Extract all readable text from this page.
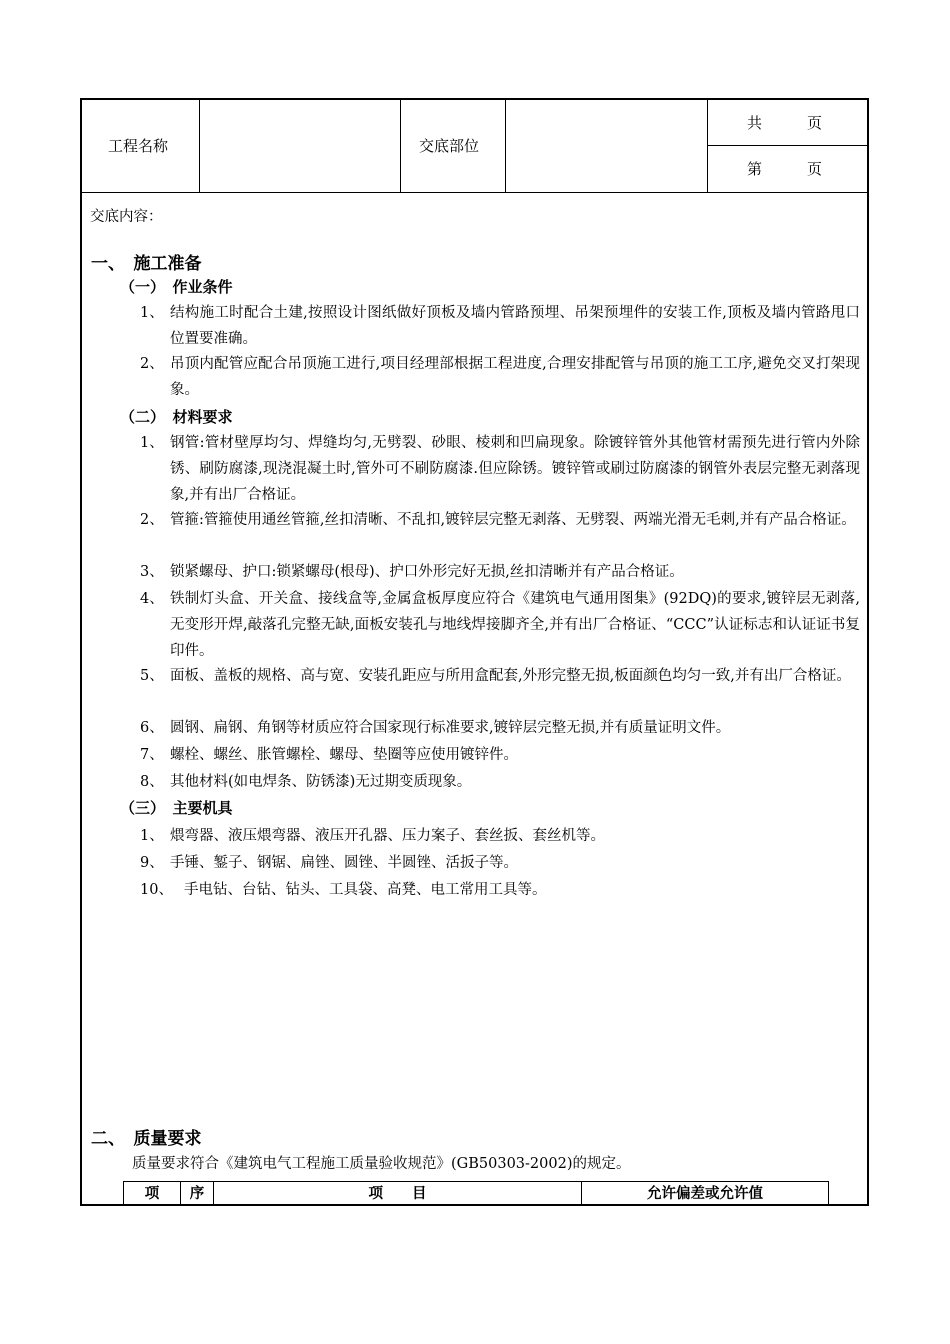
工程名称	交底部位
共　　　页
第　　　页
交底内容：
一、　施工准备
（一）　作业条件
1、 结构施工时配合土建,按照设计图纸做好顶板及墙内管路预埋、吊架预埋件的安装工作,顶板及墙内管路甩口位置要准确。
2、 吊顶内配管应配合吊顶施工进行,项目经理部根据工程进度,合理安排配管与吊顶的施工工序,避免交叉打架现象。
（二）　材料要求
1、 钢管:管材壁厚均匀、焊缝均匀,无劈裂、砂眼、棱刺和凹扁现象。除镀锌管外其他管材需预先进行管内外除锈、刷防腐漆,现浇混凝土时,管外可不刷防腐漆.但应除锈。镀锌管或刷过防腐漆的钢管外表层完整无剥落现象,并有出厂合格证。
2、 管箍:管箍使用通丝管箍,丝扣清晰、不乱扣,镀锌层完整无剥落、无劈裂、两端光滑无毛刺,并有产品合格证。
3、 锁紧螺母、护口:锁紧螺母(根母)、护口外形完好无损,丝扣清晰并有产品合格证。
4、 铁制灯头盒、开关盒、接线盒等,金属盒板厚度应符合《建筑电气通用图集》(92DQ)的要求,镀锌层无剥落,无变形开焊,敲落孔完整无缺,面板安装孔与地线焊接脚齐全,并有出厂合格证、“CCC”认证标志和认证证书复印件。
5、 面板、盖板的规格、高与宽、安装孔距应与所用盒配套,外形完整无损,板面颜色均匀一致,并有出厂合格证。
6、 圆钢、扁钢、角钢等材质应符合国家现行标准要求,镀锌层完整无损,并有质量证明文件。
7、 螺栓、螺丝、胀管螺栓、螺母、垫圈等应使用镀锌件。
8、 其他材料(如电焊条、防锈漆)无过期变质现象。
（三）　主要机具
1、 煨弯器、液压煨弯器、液压开孔器、压力案子、套丝扳、套丝机等。
9、 手锤、錾子、钢锯、扁锉、圆锉、半圆锉、活扳子等。
10、 手电钻、台钻、钻头、工具袋、高凳、电工常用工具等。
二、　质量要求
质量要求符合《建筑电气工程施工质量验收规范》(GB50303-2002)的规定。
项	序	项　　目	允许偏差或允许值
